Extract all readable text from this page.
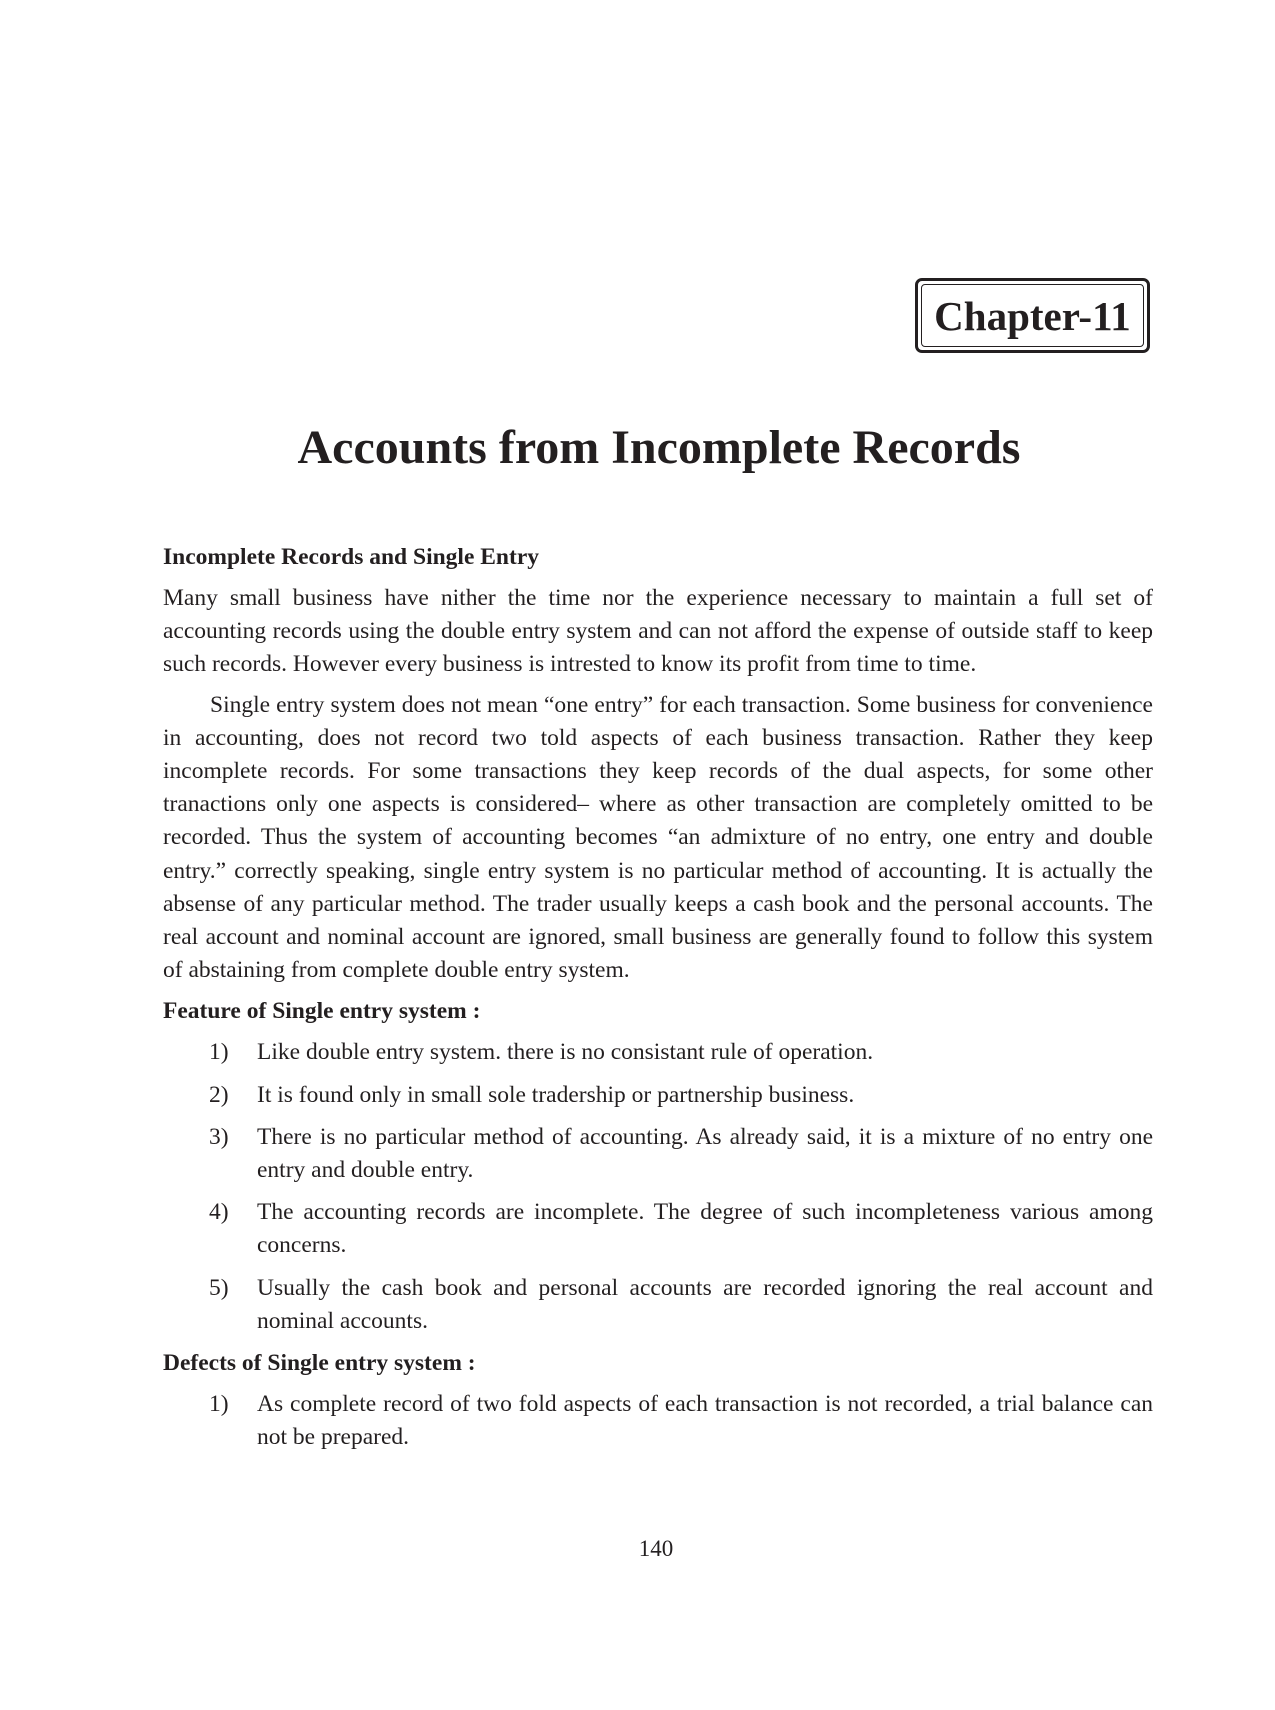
Chapter-11
Accounts from Incomplete Records
Incomplete Records and Single Entry

Many small business have nither the time nor the experience necessary to maintain a full set of accounting records using the double entry system and can not afford the expense of outside staff to keep such records. However every business is intrested to know its profit from time to time.

Single entry system does not mean “one entry” for each transaction. Some business for convenience in accounting, does not record two told aspects of each business transaction. Rather they keep incomplete records. For some transactions they keep records of the dual aspects, for some other tranactions only one aspects is considered– where as other transaction are completely omitted to be recorded. Thus the system of accounting becomes “an admixture of no entry, one entry and double entry.” correctly speaking, single entry system is no particular method of accounting. It is actually the absense of any particular method. The trader usually keeps a cash book and the personal accounts. The real account and nominal account are ignored, small business are generally found to follow this system of abstaining from complete double entry system.

Feature of Single entry system :
1) Like double entry system. there is no consistant rule of operation.
2) It is found only in small sole tradership or partnership business.
3) There is no particular method of accounting. As already said, it is a mixture of no entry one entry and double entry.
4) The accounting records are incomplete. The degree of such incompleteness various among concerns.
5) Usually the cash book and personal accounts are recorded ignoring the real account and nominal accounts.
Defects of Single entry system :
1) As complete record of two fold aspects of each transaction is not recorded, a trial balance can not be prepared.
140
